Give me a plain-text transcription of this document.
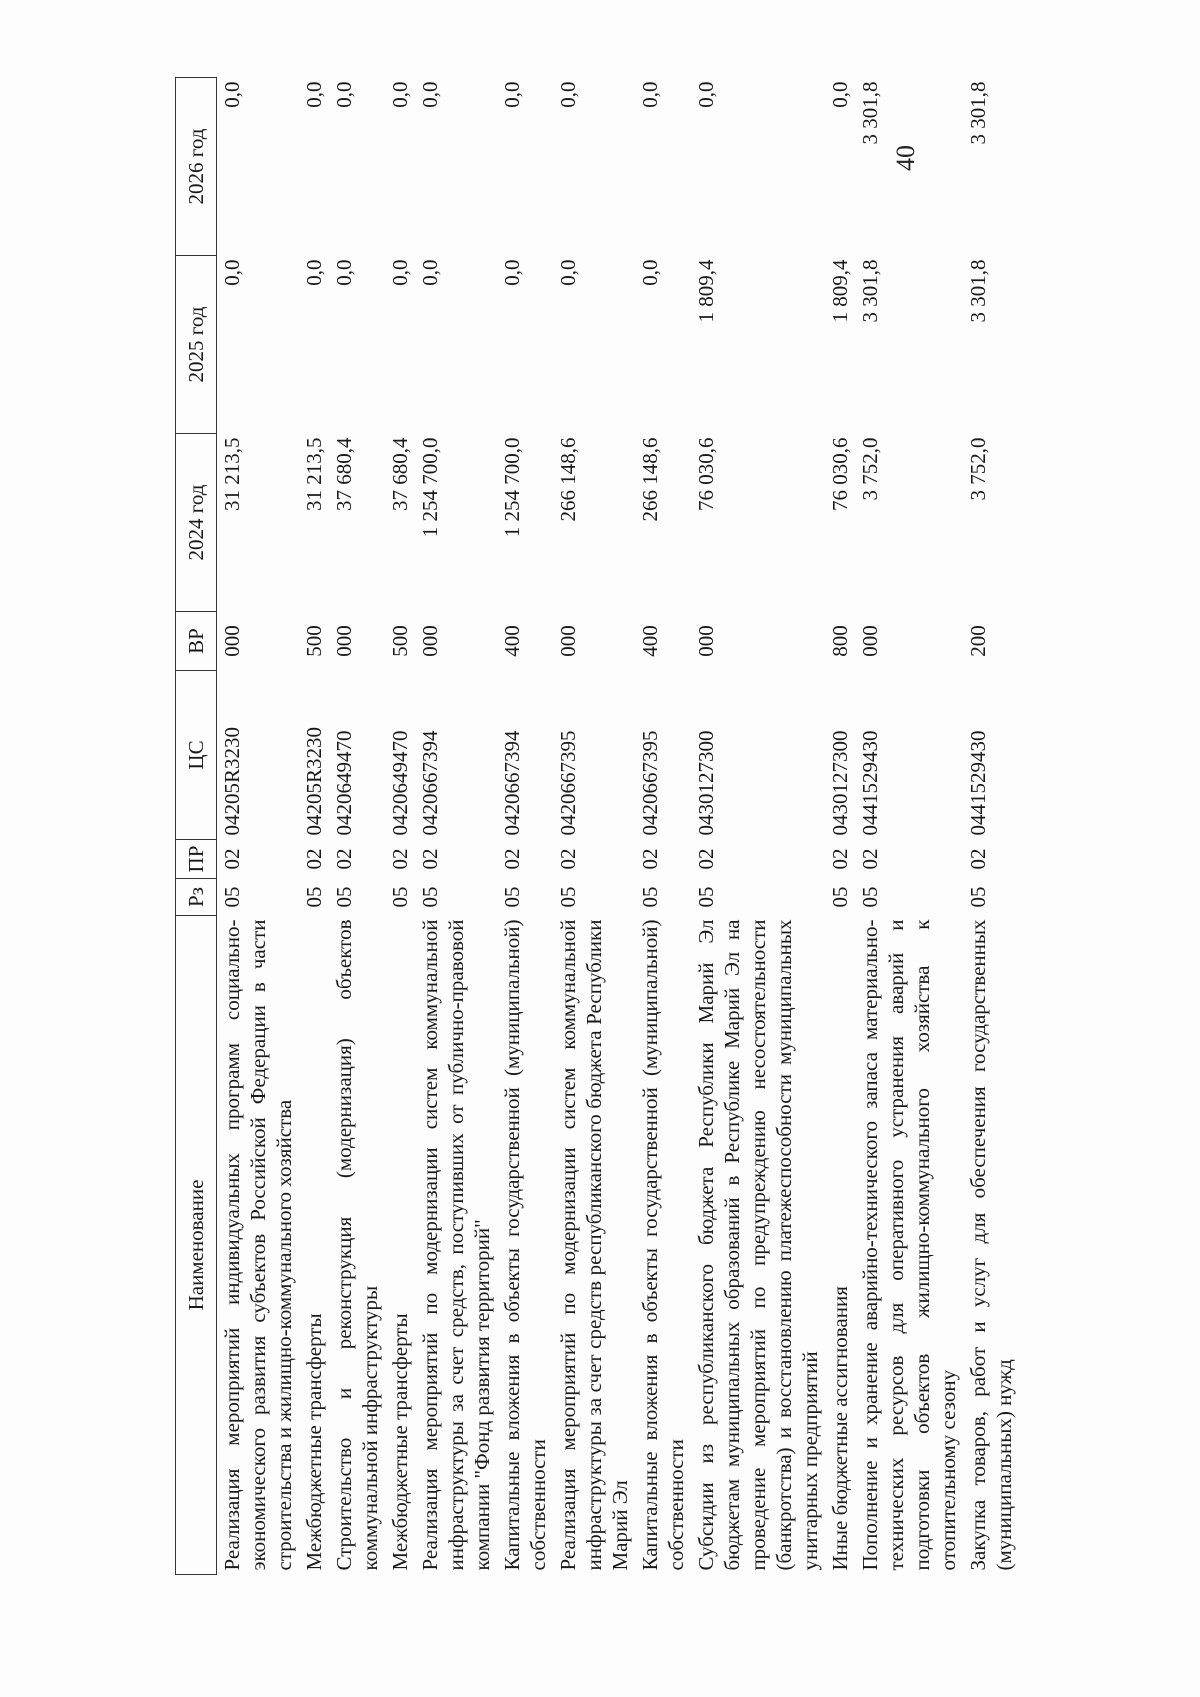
40
Наименование	Рз	ПР	ЦС	ВР	2024 год	2025 год	2026 год
Реализация мероприятий индивидуальных программ социально-экономического развития субъектов Российской Федерации в части строительства и жилищно-коммунального хозяйства	05	02	04205R3230	000	31 213,5	0,0	0,0
Межбюджетные трансферты	05	02	04205R3230	500	31 213,5	0,0	0,0
Строительство и реконструкция (модернизация) объектов коммунальной инфраструктуры	05	02	0420649470	000	37 680,4	0,0	0,0
Межбюджетные трансферты	05	02	0420649470	500	37 680,4	0,0	0,0
Реализация мероприятий по модернизации систем коммунальной инфраструктуры за счет средств, поступивших от публично-правовой компании "Фонд развития территорий"	05	02	0420667394	000	1 254 700,0	0,0	0,0
Капитальные вложения в объекты государственной (муниципальной) собственности	05	02	0420667394	400	1 254 700,0	0,0	0,0
Реализация мероприятий по модернизации систем коммунальной инфраструктуры за счет средств республиканского бюджета Республики Марий Эл	05	02	0420667395	000	266 148,6	0,0	0,0
Капитальные вложения в объекты государственной (муниципальной) собственности	05	02	0420667395	400	266 148,6	0,0	0,0
Субсидии из республиканского бюджета Республики Марий Эл бюджетам муниципальных образований в Республике Марий Эл на проведение мероприятий по предупреждению несостоятельности (банкротства) и восстановлению платежеспособности муниципальных унитарных предприятий	05	02	0430127300	000	76 030,6	1 809,4	0,0
Иные бюджетные ассигнования	05	02	0430127300	800	76 030,6	1 809,4	0,0
Пополнение и хранение аварийно-технического запаса материально-технических ресурсов для оперативного устранения аварий и подготовки объектов жилищно-коммунального хозяйства к отопительному сезону	05	02	0441529430	000	3 752,0	3 301,8	3 301,8
Закупка товаров, работ и услуг для обеспечения государственных (муниципальных) нужд	05	02	0441529430	200	3 752,0	3 301,8	3 301,8
